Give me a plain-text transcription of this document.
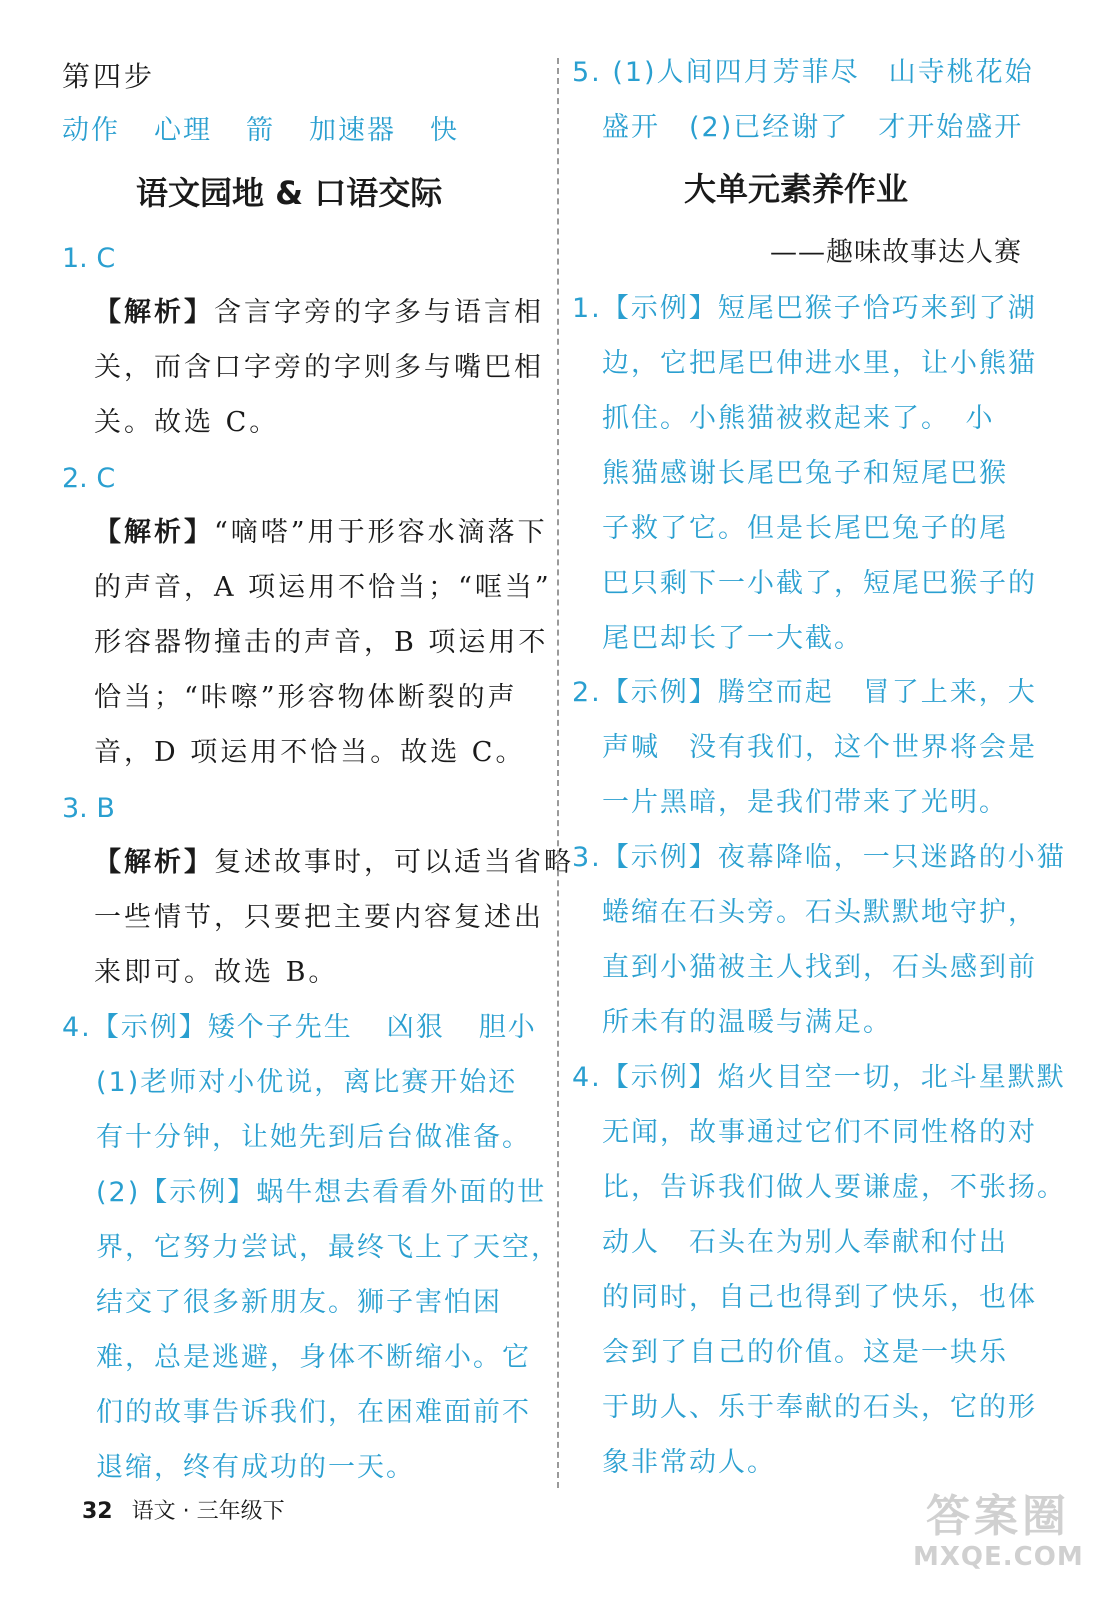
第四步
动作 心理 箭 加速器 快
语文园地 & 口语交际
1. C
【解析】含言字旁的字多与语言相
关，而含口字旁的字则多与嘴巴相
关。故选 C。
2. C
【解析】“嘀嗒”用于形容水滴落下
的声音，A 项运用不恰当；“哐当”
形容器物撞击的声音，B 项运用不
恰当；“咔嚓”形容物体断裂的声
音，D 项运用不恰当。故选 C。
3. B
【解析】复述故事时，可以适当省略
一些情节，只要把主要内容复述出
来即可。故选 B。
4.【示例】矮个子先生 凶狠 胆小
(1)老师对小优说，离比赛开始还
有十分钟，让她先到后台做准备。
(2)【示例】蜗牛想去看看外面的世
界，它努力尝试，最终飞上了天空，
结交了很多新朋友。狮子害怕困
难，总是逃避，身体不断缩小。它
们的故事告诉我们，在困难面前不
退缩，终有成功的一天。
5. (1)人间四月芳菲尽　山寺桃花始
盛开　(2)已经谢了　才开始盛开
大单元素养作业
——趣味故事达人赛
1.【示例】短尾巴猴子恰巧来到了湖
边，它把尾巴伸进水里，让小熊猫
抓住。小熊猫被救起来了。　小
熊猫感谢长尾巴兔子和短尾巴猴
子救了它。但是长尾巴兔子的尾
巴只剩下一小截了，短尾巴猴子的
尾巴却长了一大截。
2.【示例】腾空而起　冒了上来，大
声喊　没有我们，这个世界将会是
一片黑暗，是我们带来了光明。
3.【示例】夜幕降临，一只迷路的小猫
蜷缩在石头旁。石头默默地守护，
直到小猫被主人找到，石头感到前
所未有的温暖与满足。
4.【示例】焰火目空一切，北斗星默默
无闻，故事通过它们不同性格的对
比，告诉我们做人要谦虚，不张扬。
动人　石头在为别人奉献和付出
的同时，自己也得到了快乐，也体
会到了自己的价值。这是一块乐
于助人、乐于奉献的石头，它的形
象非常动人。
32 语文 · 三年级下	答案圈
MXQE.COM
